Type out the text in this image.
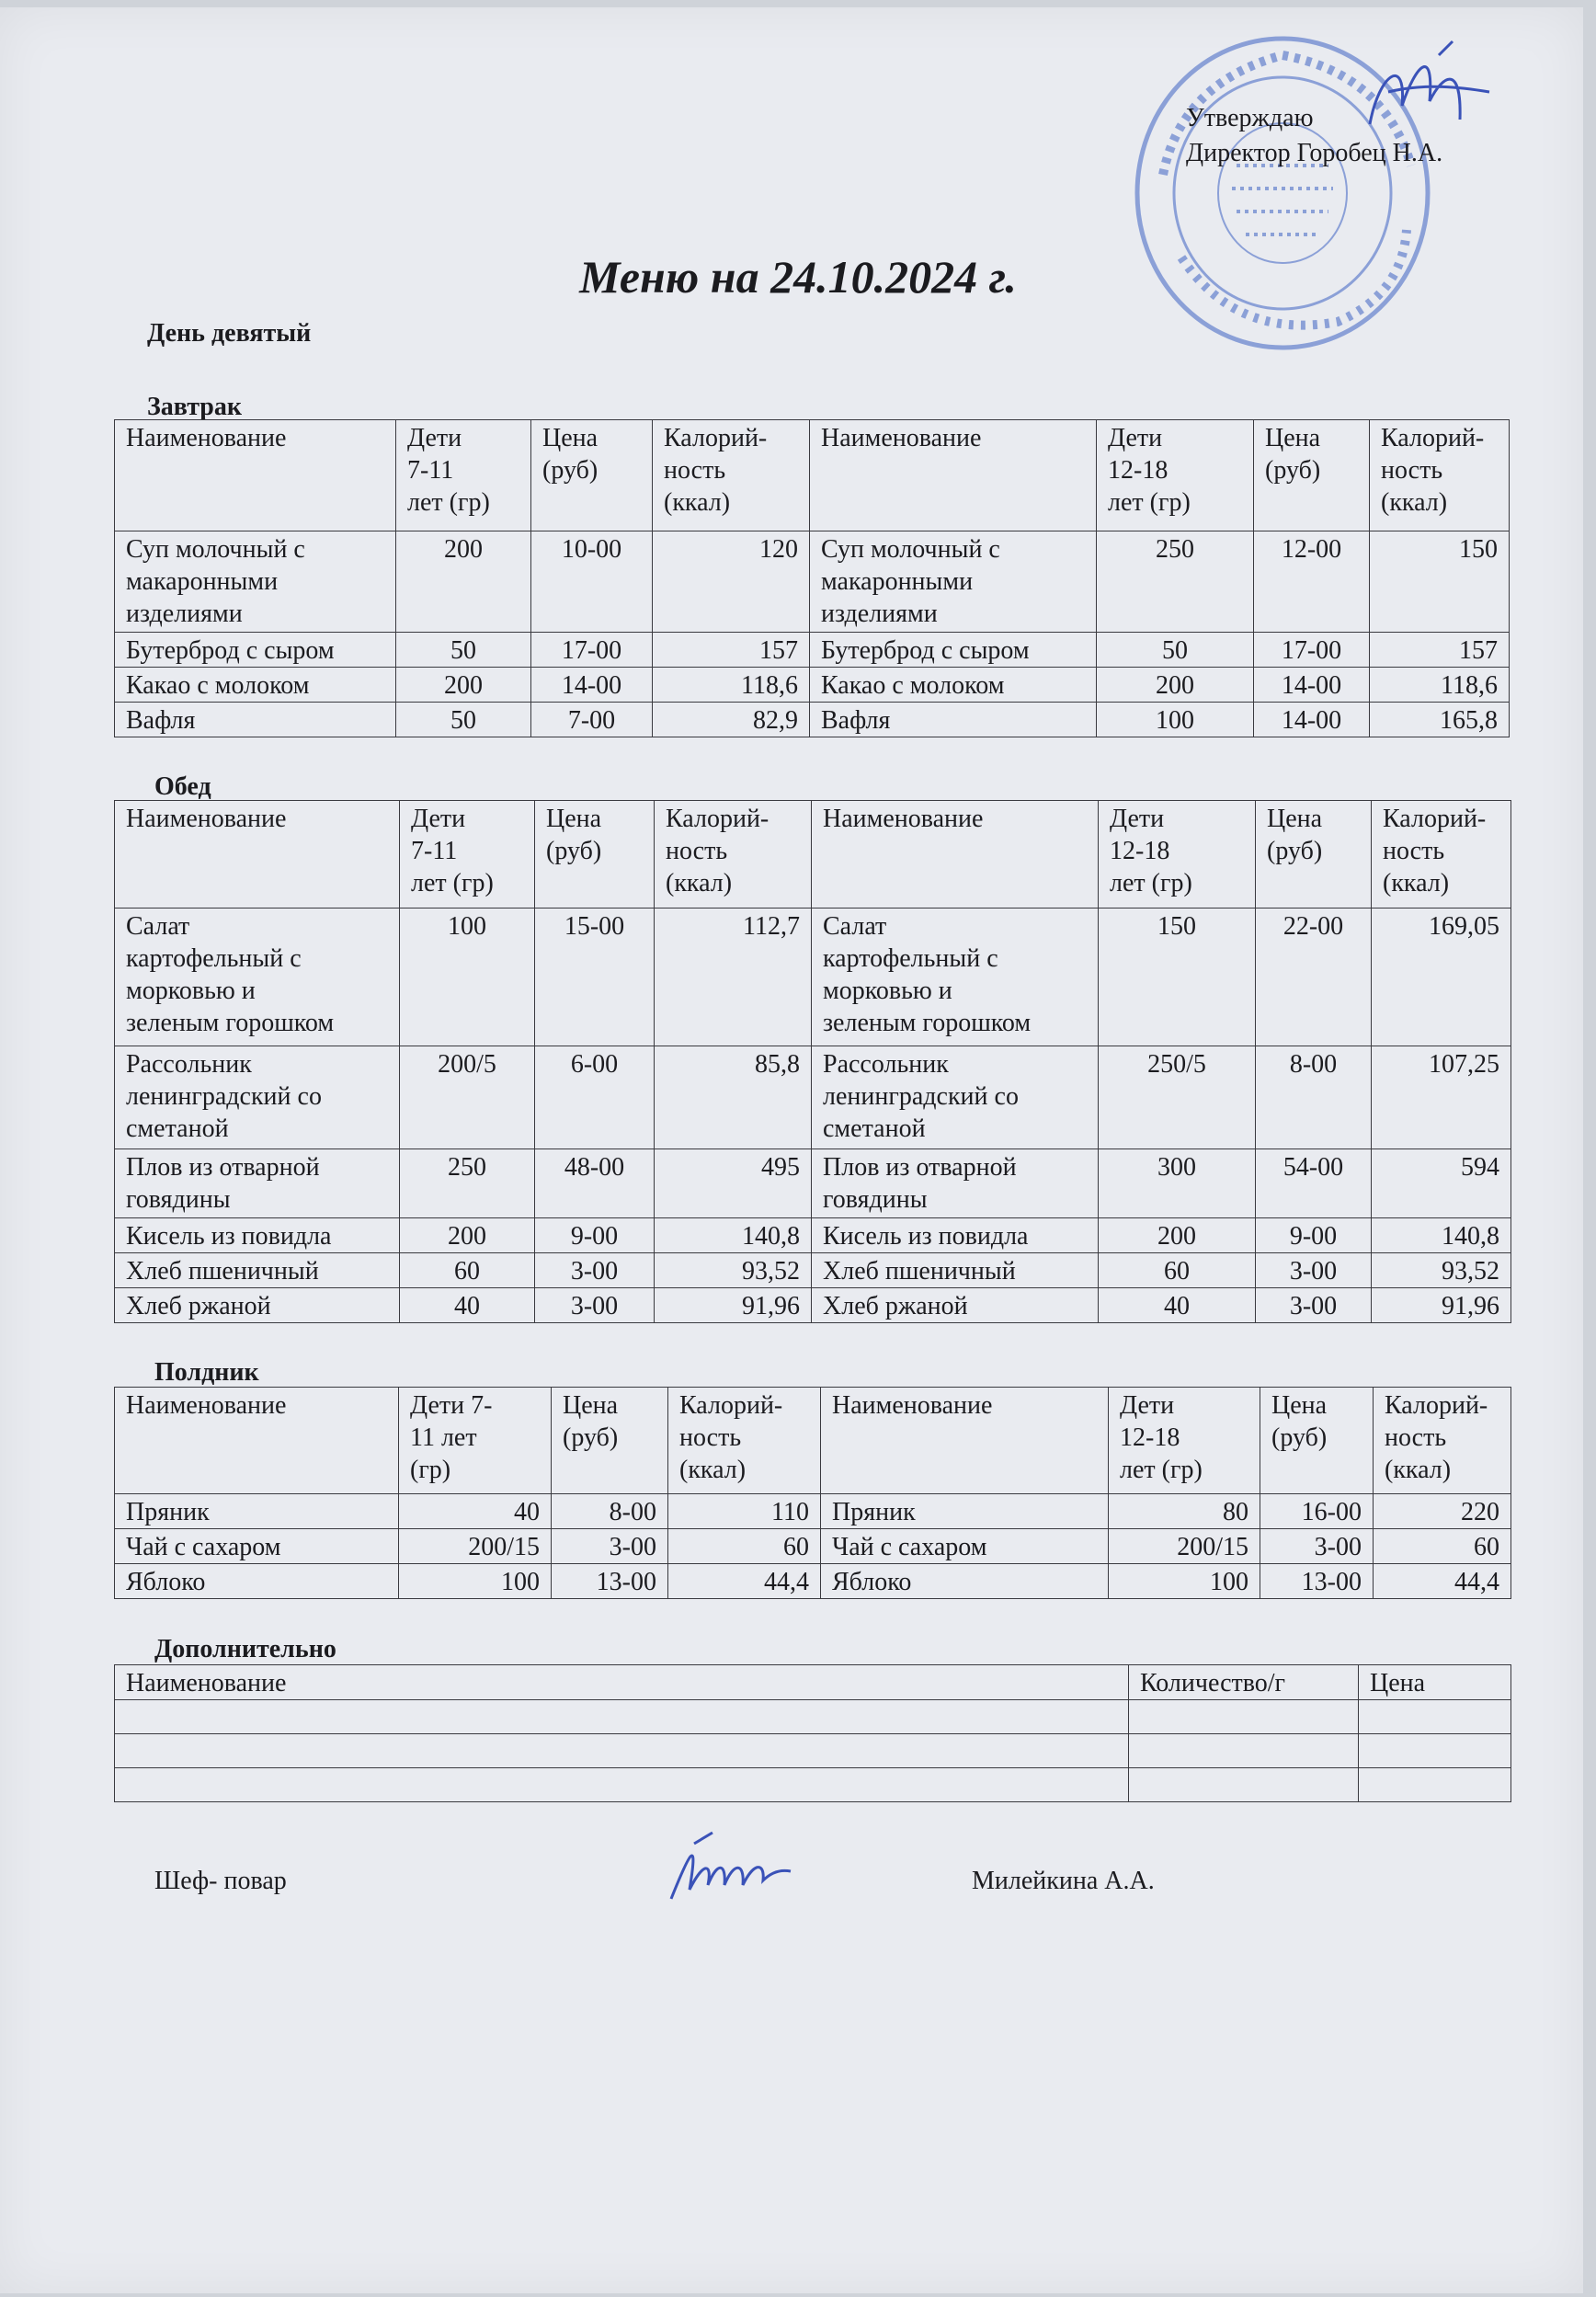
Утверждаю
Директор Горобец Н.А.
Меню на 24.10.2024 г.
День девятый
Завтрак
Наименование	Дети
7-11
лет (гр)	Цена
(руб)	Калорий-
ность
(ккал)	Наименование	Дети
12-18
лет (гр)	Цена
(руб)	Калорий-
ность
(ккал)
Суп молочный с
макаронными
изделиями	200	10-00	120	Суп молочный с
макаронными
изделиями	250	12-00	150
Бутерброд с сыром	50	17-00	157	Бутерброд с сыром	50	17-00	157
Какао с молоком	200	14-00	118,6	Какао с молоком	200	14-00	118,6
Вафля	50	7-00	82,9	Вафля	100	14-00	165,8
Обед
Наименование	Дети
7-11
лет (гр)	Цена
(руб)	Калорий-
ность
(ккал)	Наименование	Дети
12-18
лет (гр)	Цена
(руб)	Калорий-
ность
(ккал)
Салат
картофельный с
морковью и
зеленым горошком	100	15-00	112,7	Салат
картофельный с
морковью и
зеленым горошком	150	22-00	169,05
Рассольник
ленинградский со
сметаной	200/5	6-00	85,8	Рассольник
ленинградский со
сметаной	250/5	8-00	107,25
Плов из отварной
говядины	250	48-00	495	Плов из отварной
говядины	300	54-00	594
Кисель из повидла	200	9-00	140,8	Кисель из повидла	200	9-00	140,8
Хлеб пшеничный	60	3-00	93,52	Хлеб пшеничный	60	3-00	93,52
Хлеб ржаной	40	3-00	91,96	Хлеб ржаной	40	3-00	91,96
Полдник
Наименование	Дети 7-
11 лет
(гр)	Цена
(руб)	Калорий-
ность
(ккал)	Наименование	Дети
12-18
лет (гр)	Цена
(руб)	Калорий-
ность
(ккал)
Пряник	40	8-00	110	Пряник	80	16-00	220
Чай с сахаром	200/15	3-00	60	Чай с сахаром	200/15	3-00	60
Яблоко	100	13-00	44,4	Яблоко	100	13-00	44,4
Дополнительно
Наименование	Количество/г	Цена

Шеф- повар	Милейкина А.А.
